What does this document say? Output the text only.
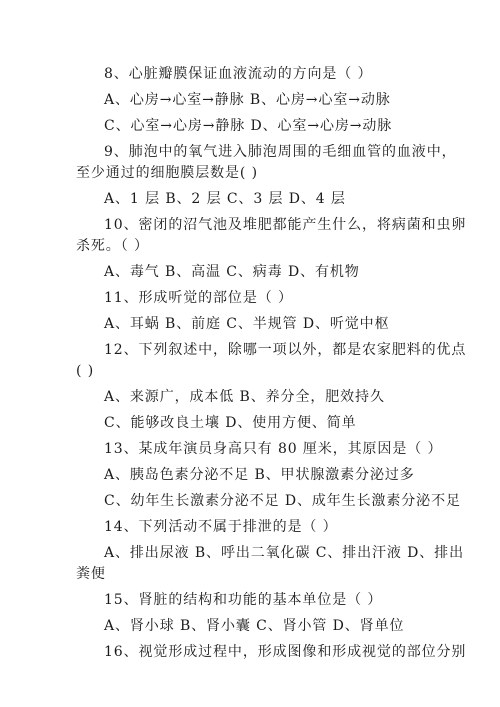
8、心脏瓣膜保证血液流动的方向是（ ）
A、心房→心室→静脉 B、心房→心室→动脉
C、心室→心房→静脉 D、心室→心房→动脉
9、肺泡中的氧气进入肺泡周围的毛细血管的血液中，
至少通过的细胞膜层数是( )
A、1 层 B、2 层 C、3 层 D、4 层
10、密闭的沼气池及堆肥都能产生什么，将病菌和虫卵
杀死。（ ）
A、毒气 B、高温 C、病毒 D、有机物
11、形成听觉的部位是（ ）
A、耳蜗 B、前庭 C、半规管 D、听觉中枢
12、下列叙述中，除哪一项以外，都是农家肥料的优点
( )
A、来源广，成本低 B、养分全，肥效持久
C、能够改良土壤 D、使用方便、简单
13、某成年演员身高只有 80 厘米，其原因是（ ）
A、胰岛色素分泌不足 B、甲状腺激素分泌过多
C、幼年生长激素分泌不足 D、成年生长激素分泌不足
14、下列活动不属于排泄的是（ ）
A、排出尿液 B、呼出二氧化碳 C、排出汗液 D、排出
粪便
15、肾脏的结构和功能的基本单位是（ ）
A、肾小球 B、肾小囊 C、肾小管 D、肾单位
16、视觉形成过程中，形成图像和形成视觉的部位分别
